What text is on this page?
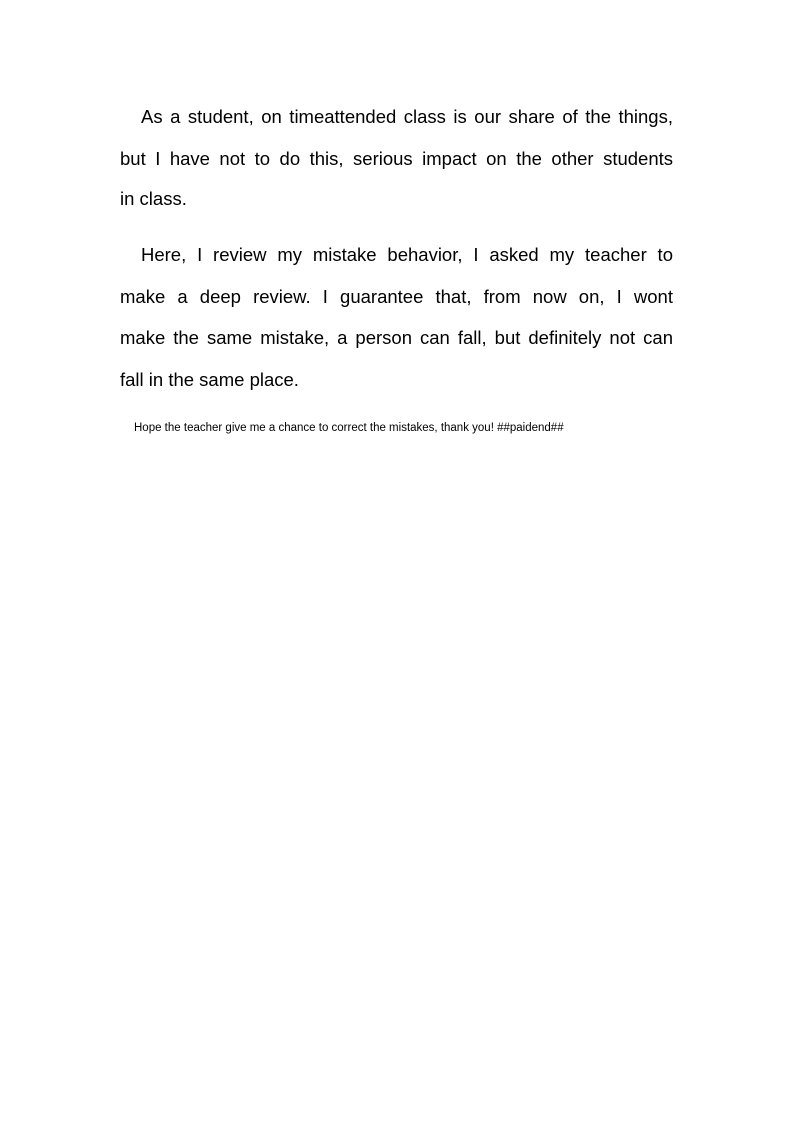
As a student, on timeattended class is our share of the things,
but I have not to do this, serious impact on the other students
in class.
Here, I review my mistake behavior, I asked my teacher to
make a deep review. I guarantee that, from now on, I wont
make the same mistake, a person can fall, but definitely not can
fall in the same place.
Hope the teacher give me a chance to correct the mistakes, thank you! ##paidend##
